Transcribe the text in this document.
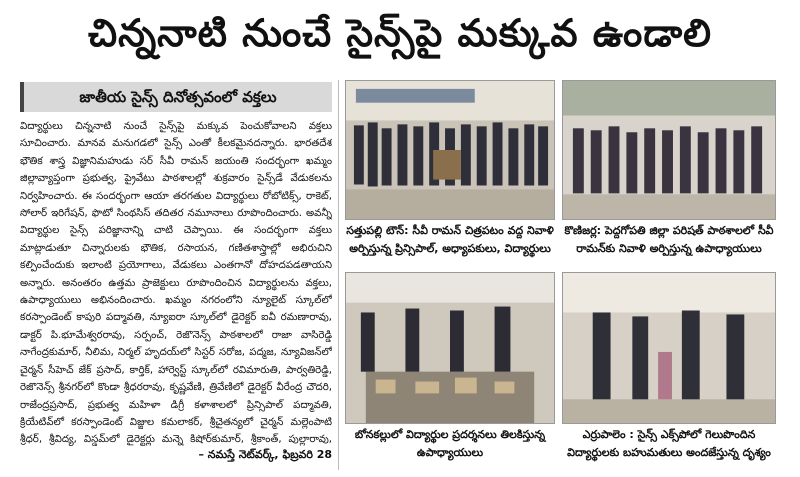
చిన్ననాటి నుంచే సైన్స్‌పై మక్కువ ఉండాలి
జాతీయ సైన్స్ దినోత్సవంలో వక్తలు
విద్యార్థులు చిన్ననాటి నుంచే సైన్స్‌పై మక్కువ పెంచుకోవాలని వక్తలు సూచించారు. మానవ మనుగడలో సైన్స్ ఎంతో కీలకమైనదన్నారు. భారతదేశ భౌతిక శాస్త్ర విజ్ఞానిమహుడు సర్ సీవీ రామన్ జయంతి సందర్భంగా ఖమ్మం జిల్లావ్యాప్తంగా ప్రభుత్వ, ప్రైవేటు పాఠశాలల్లో శుక్రవారం సైన్స్‌డే వేడుకలను నిర్వహించారు. ఈ సందర్భంగా ఆయా తరగతుల విద్యార్థులు రోబోటిక్స్, రాకెట్, సోలార్ ఇరిగేషన్, ఫొటో సింథసిస్ తదితర నమూనాలు రూపొందించారు. అవన్నీ విద్యార్థుల సైన్స్ పరిజ్ఞానాన్ని చాటి చెప్పాయి. ఈ సందర్భంగా వక్తలు మాట్లాడుతూ చిన్నారులకు భౌతిక, రసాయన, గణితశాస్త్రాల్లో అభిరుచిని కల్పించేందుకు ఇలాంటి ప్రయోగాలు, వేడుకలు ఎంతగానో దోహదపడతాయని అన్నారు. అనంతరం ఉత్తమ ప్రాజెక్టులు రూపొందించిన విద్యార్థులను వక్తలు, ఉపాధ్యాయులు అభినందించారు. ఖమ్మం నగరంలోని న్యూలైట్ స్కూల్‌లో కరస్పాండెంట్ కాపురి పద్మావతి, న్యూఐరా స్కూల్‌లో డైరెక్టర్ ఐవీ రమణారావు, డాక్టర్ పి.భూమేశ్వరరావు, సర్పంచ్, రెజొనెన్స్ పాఠశాలలో రాజా వాసిరెడ్డి నాగేంద్రకుమార్, నీలిమ, నిర్మల్ హృదయ్‌లో సిస్టర్ సరోజ, పద్మజ, న్యూవిజన్‌లో చైర్మన్ సీహెచ్‌ జేక్ ప్రసాద్, కార్తిక్, హార్వెస్ట్ స్కూల్‌లో రవిమారుతి, పార్వతిరెడ్డి, రెజొనెన్స్ శ్రీనగర్‌లో కొండా శ్రీధరరావు, కృష్ణవేణి, త్రివేణిలో డైరెక్టర్ వీరేంద్ర చౌదరి, రాజేంద్రప్రసాద్, ప్రభుత్వ మహిళా డిగ్రీ కళాశాలలో ప్రిన్సిపాల్ పద్మావతి, క్రియేటివ్‌లో కరస్పాండెంట్ విజ్జుల కమలాకర్, శ్రీచైతన్యలో చైర్మన్ మల్లెంపాటి శ్రీధర్, శ్రీవిద్య, విస్డమ్‌లో డైరెక్టర్లు మన్నె కిషోర్‌కుమార్, శ్రీకాంత్, పుల్లారావు,
– నమస్తే నెట్‌వర్క్, ఫిబ్రవరి 28
సత్తుపల్లి టౌన్: సీవీ రామన్ చిత్రపటం వద్ద నివాళి అర్పిస్తున్న ప్రిన్సిపాల్, అధ్యాపకులు, విద్యార్థులు
కొణిజర్ల: పెద్దగోపతి జిల్లా పరిషత్ పాఠశాలలో సీవీ రామన్‌కు నివాళి అర్పిస్తున్న ఉపాధ్యాయులు
బోనకల్లులో విద్యార్థుల ప్రదర్శనలు తిలకిస్తున్న ఉపాధ్యాయులు
ఎర్రుపాలెం : సైన్స్ ఎక్స్‌పోలో గెలుపొందిన విద్యార్థులకు బహుమతులు అందజేస్తున్న దృశ్యం
